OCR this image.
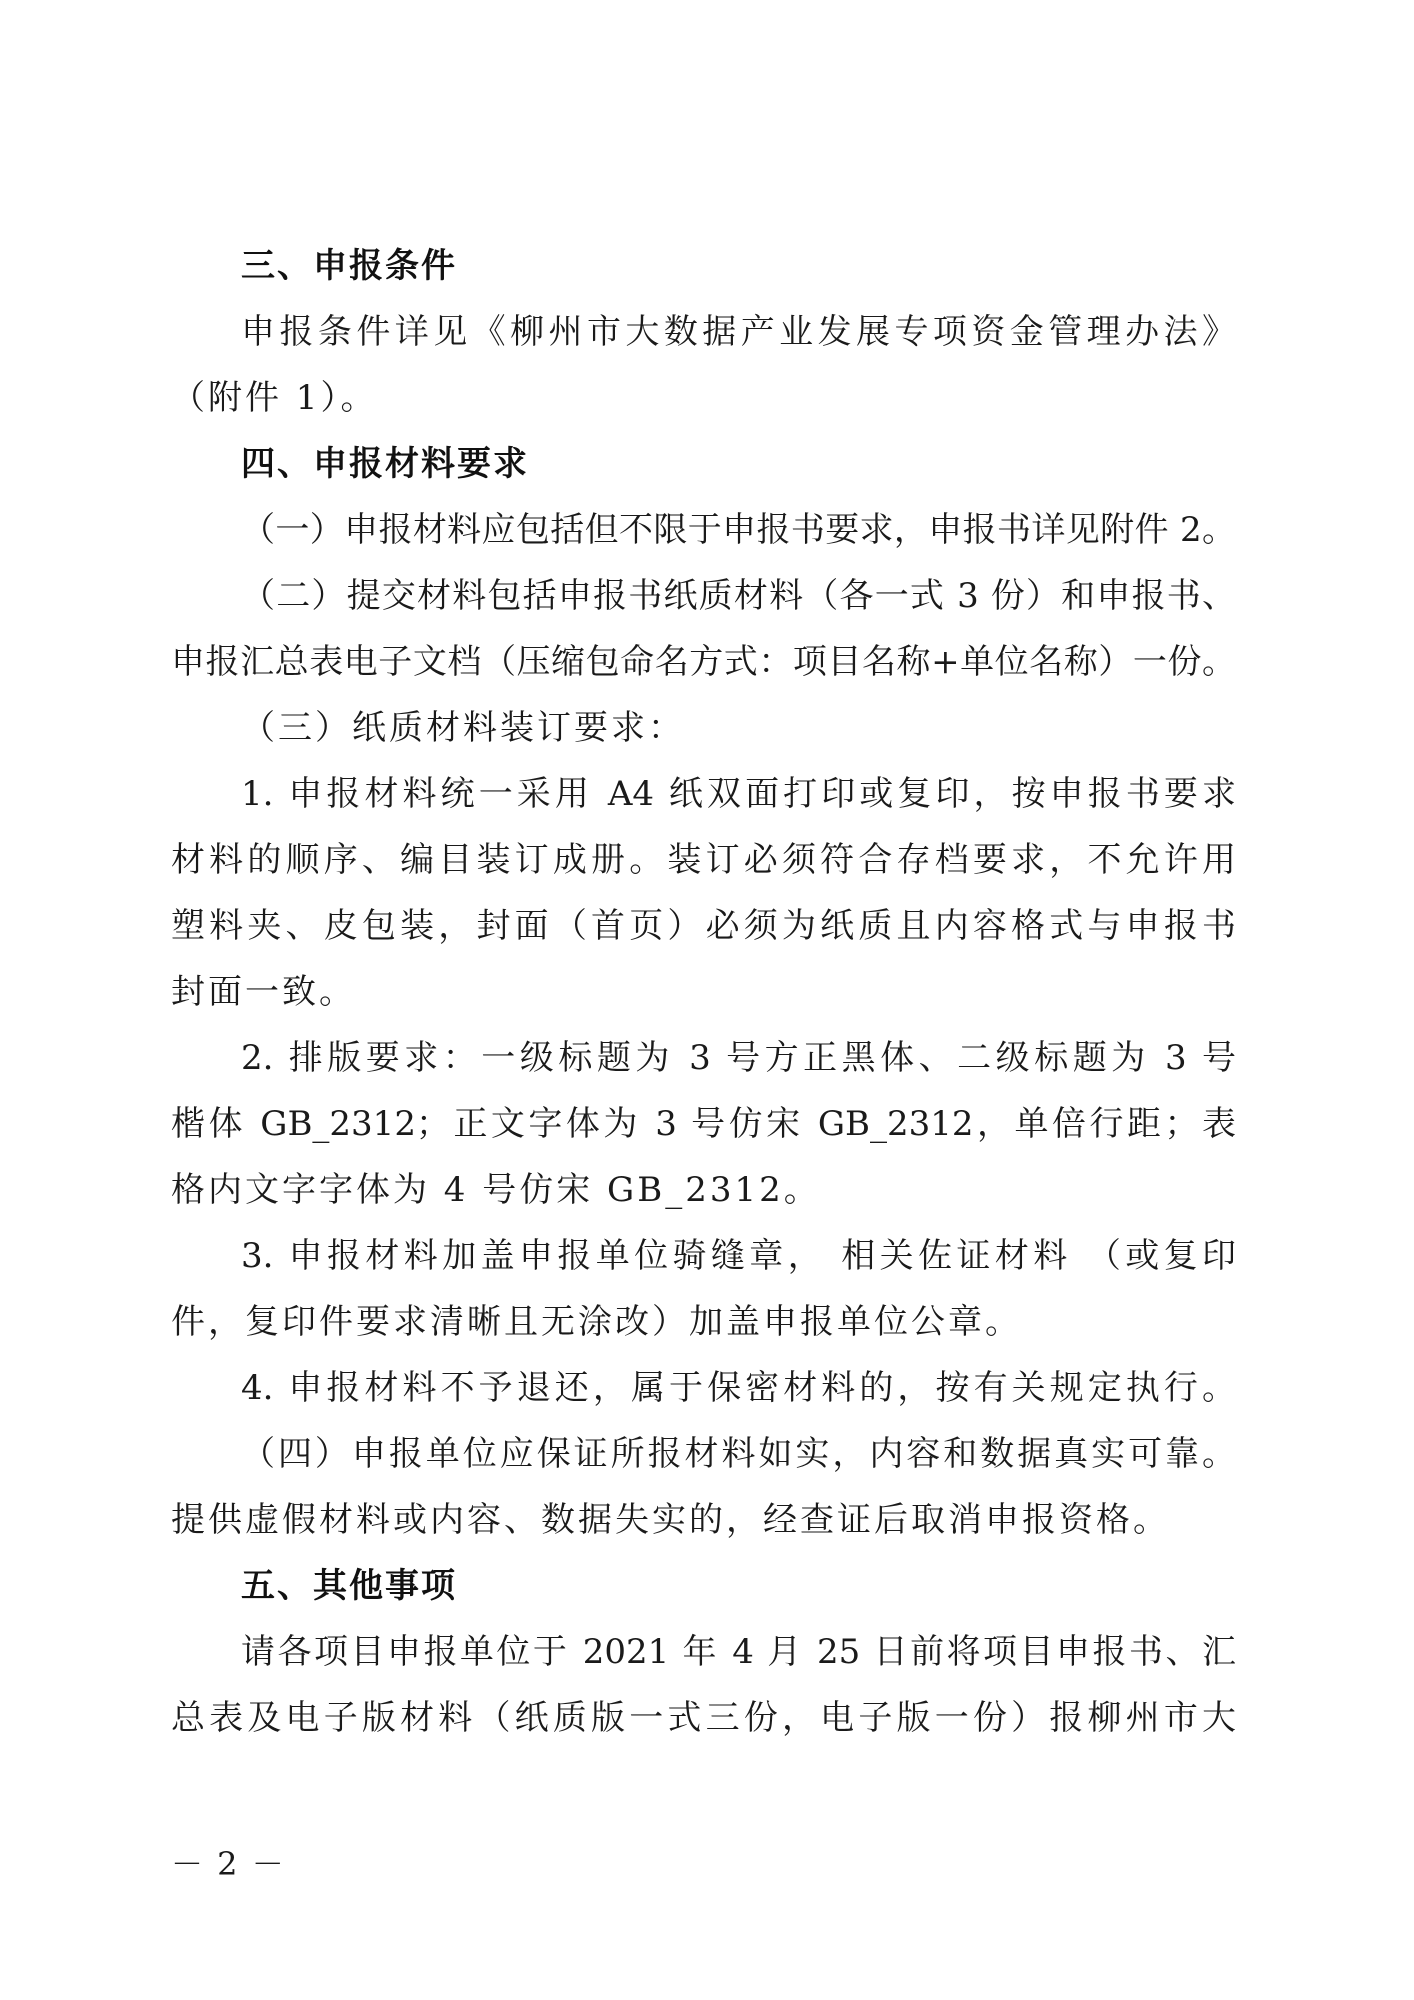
三、申报条件
申报条件详见《柳州市大数据产业发展专项资金管理办法》
（附件 1）。
四、申报材料要求
（一）申报材料应包括但不限于申报书要求，申报书详见附件 2。
（二）提交材料包括申报书纸质材料（各一式 3 份）和申报书、
申报汇总表电子文档（压缩包命名方式：项目名称+单位名称）一份。
（三）纸质材料装订要求：
1. 申报材料统一采用 A4 纸双面打印或复印，按申报书要求
材料的顺序、编目装订成册。装订必须符合存档要求，不允许用
塑料夹、皮包装，封面（首页）必须为纸质且内容格式与申报书
封面一致。
2. 排版要求：一级标题为 3 号方正黑体、二级标题为 3 号
楷体 GB_2312；正文字体为 3 号仿宋 GB_2312，单倍行距；表
格内文字字体为 4 号仿宋 GB_2312。
3. 申报材料加盖申报单位骑缝章， 相关佐证材料 （或复印
件，复印件要求清晰且无涂改）加盖申报单位公章。
4. 申报材料不予退还，属于保密材料的，按有关规定执行。
（四）申报单位应保证所报材料如实，内容和数据真实可靠。
提供虚假材料或内容、数据失实的，经查证后取消申报资格。
五、其他事项
请各项目申报单位于 2021 年 4 月 25 日前将项目申报书、汇
总表及电子版材料（纸质版一式三份，电子版一份）报柳州市大
－ 2 －
